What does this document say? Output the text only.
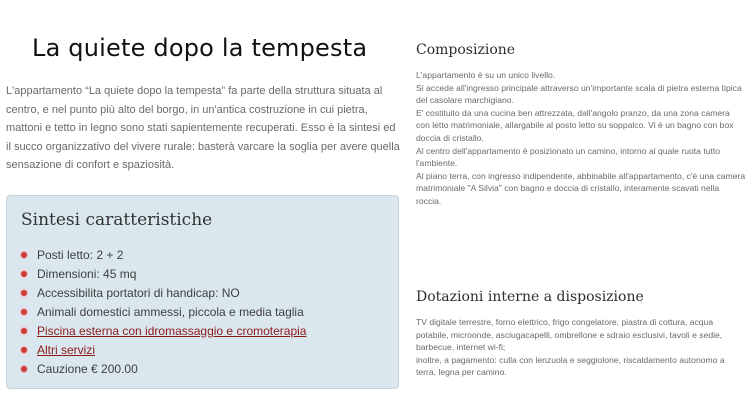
La quiete dopo la tempesta

L'appartamento “La quiete dopo la tempesta” fa parte della struttura situata al centro, e nel punto più alto del borgo, in un'antica costruzione in cui pietra, mattoni e tetto in legno sono stati sapientemente recuperati. Esso è la sintesi ed il succo organizzativo del vivere rurale: basterà varcare la soglia per avere quella sensazione di confort e spaziosità.

Sintesi caratteristiche
Posti letto: 2 + 2
Dimensioni: 45 mq
Accessibilita portatori di handicap: NO
Animali domestici ammessi, piccola e media taglia
Piscina esterna con idromassaggio e cromoterapia
Altri servizi
Cauzione € 200.00
Composizione

L'appartamento è su un unico livello.
Si accede all'ingresso principale attraverso un'importante scala di pietra esterna tipica del casolare marchigiano.
E' costituito da una cucina ben attrezzata, dall'angolo pranzo, da una zona camera con letto matrimoniale, allargabile al posto letto su soppalco. Vi è un bagno con box doccia di cristallo.
Al centro dell'appartamento è posizionato un camino, intorno al quale ruota tutto l'ambiente.
Al piano terra, con ingresso indipendente, abbinabile all'appartamento, c'è una camera matrimoniale "A Silvia" con bagno e doccia di cristallo, interamente scavati nella roccia.

Dotazioni interne a disposizione

TV digitale terrestre, forno elettrico, frigo congelatore, piastra di cottura, acqua potabile, microonde, asciugacapelli, ombrellone e sdraio esclusivi, tavoli e sedie, barbecue, internet wi-fi;
inoltre, a pagamento: culla con lenzuola e seggiolone, riscaldamento autonomo a terra, legna per camino.
